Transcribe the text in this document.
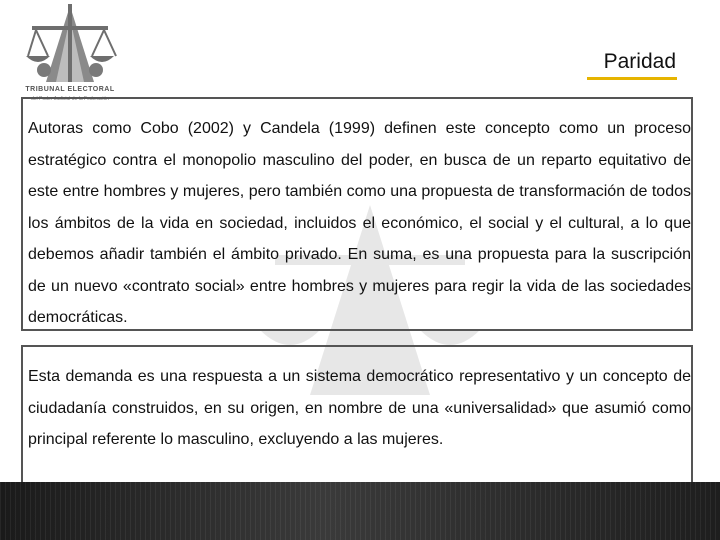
TRIBUNAL ELECTORAL
del Poder Judicial de la Federación
Paridad
Autoras como Cobo (2002) y Candela (1999) definen este concepto como un proceso estratégico contra el monopolio masculino del poder, en busca de un reparto equitativo de este entre hombres y mujeres, pero también como una propuesta de transformación de todos los ámbitos de la vida en sociedad, incluidos el económico, el social y el cultural, a lo que debemos añadir también el ámbito privado. En suma, es una propuesta para la suscripción de un nuevo «contrato social» entre hombres y mujeres para regir la vida de las sociedades democráticas.
Esta demanda es una respuesta a un sistema democrático representativo y un concepto de ciudadanía construidos, en su origen, en nombre de una «universalidad» que asumió como principal referente lo masculino, excluyendo a las mujeres.
